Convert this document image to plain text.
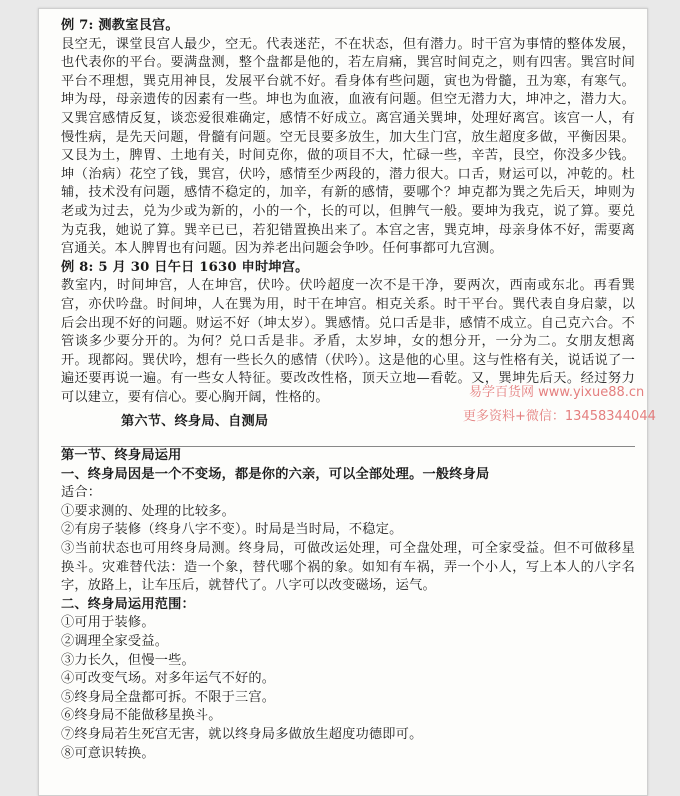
例 7: 测教室艮宫。
艮空无，课堂艮宫人最少，空无。代表迷茫，不在状态，但有潜力。时干宫为事情的整体发展，也代表你的平台。要满盘测，整个盘都是他的，若左肩痛，巽宫时间克之，则有四害。巽宫时间平台不理想，巽克用神艮，发展平台就不好。看身体有些问题，寅也为骨髓，丑为寒，有寒气。坤为母，母亲遗传的因素有一些。坤也为血液，血液有问题。但空无潜力大，坤冲之，潜力大。又巽宫感情反复，谈恋爱很难确定，感情不好成立。离宫通关巽坤，处理好离宫。该宫一人，有慢性病，是先天问题，骨髓有问题。空无艮要多放生，加大生门宫，放生超度多做，平衡因果。又艮为土，脾胃、土地有关，时间克你，做的项目不大，忙碌一些，辛苦，艮空，你没多少钱。坤（治病）花空了钱，巽宫，伏吟，感情至少两段的，潜力很大。口舌，财运可以，冲乾的。杜辅，技术没有问题，感情不稳定的，加辛，有新的感情，要哪个？坤克都为巽之先后天，坤则为老或为过去，兑为少或为新的，小的一个，长的可以，但脾气一般。要坤为我克，说了算。要兑为克我，她说了算。巽辛已已，若犯错置换出来了。本宫之害，巽克坤，母亲身体不好，需要离宫通关。本人脾胃也有问题。因为养老出问题会争吵。任何事都可九宫测。

例 8: 5 月 30 日午日 1630 申时坤宫。
教室内，时间坤宫，人在坤宫，伏吟。伏吟超度一次不是干净，要两次，西南或东北。再看巽宫，亦伏吟盘。时间坤，人在巽为用，时干在坤宫。相克关系。时干平台。巽代表自身启蒙，以后会出现不好的问题。财运不好（坤太岁）。巽感情。兑口舌是非，感情不成立。自己克六合。不管谈多少要分开的。为何？兑口舌是非。矛盾，太岁坤，女的想分开，一分为二。女朋友想离开。现都闷。巽伏吟，想有一些长久的感情（伏吟）。这是他的心里。这与性格有关，说话说了一遍还要再说一遍。有一些女人特征。要改改性格，顶天立地—看乾。又，巽坤先后天。经过努力可以建立，要有信心。要心胸开阔，性格的。

第六节、终身局、自测局

第一节、终身局运用

一、终身局因是一个不变场，都是你的六亲，可以全部处理。一般终身局

适合：

①要求测的、处理的比较多。

②有房子装修（终身八字不变）。时局是当时局，不稳定。

③当前状态也可用终身局测。终身局，可做改运处理，可全盘处理，可全家受益。但不可做移星换斗。灾难替代法：造一个象，替代哪个祸的象。如知有车祸，弄一个小人，写上本人的八字名字，放路上，让车压后，就替代了。八字可以改变磁场，运气。

二、终身局运用范围：

①可用于装修。

②调理全家受益。

③力长久，但慢一些。

④可改变气场。对多年运气不好的。

⑤终身局全盘都可拆。不限于三宫。

⑥终身局不能做移星换斗。

⑦终身局若生死宫无害，就以终身局多做放生超度功德即可。

⑧可意识转换。

易学百货网 www.yixue88.cn
更多资料+微信：13458344044
